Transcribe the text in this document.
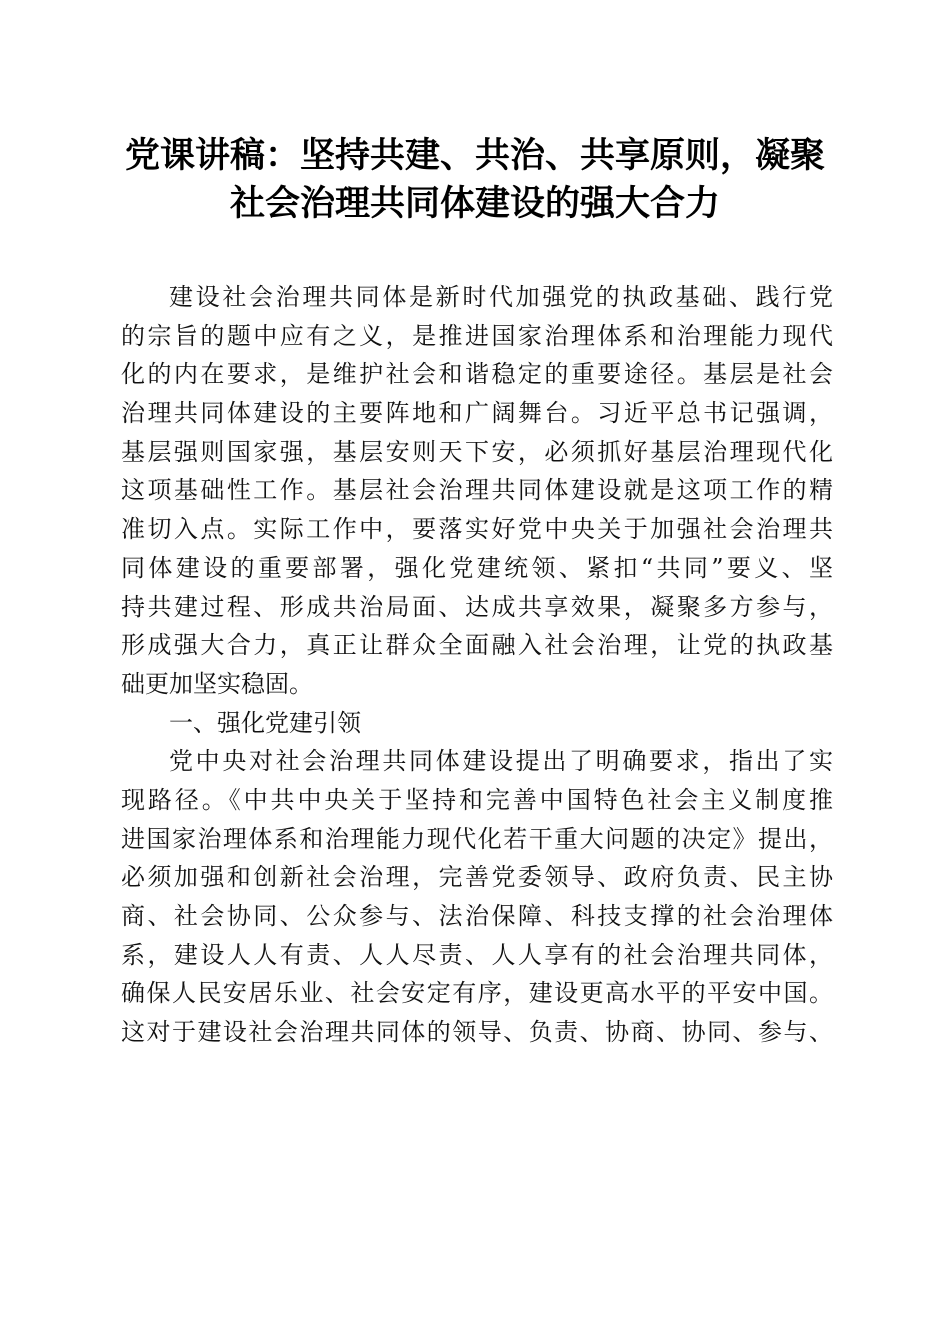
党课讲稿：坚持共建、共治、共享原则，凝聚
社会治理共同体建设的强大合力
建设社会治理共同体是新时代加强党的执政基础、践行党
的宗旨的题中应有之义，是推进国家治理体系和治理能力现代
化的内在要求，是维护社会和谐稳定的重要途径。基层是社会
治理共同体建设的主要阵地和广阔舞台。习近平总书记强调，
基层强则国家强，基层安则天下安，必须抓好基层治理现代化
这项基础性工作。基层社会治理共同体建设就是这项工作的精
准切入点。实际工作中，要落实好党中央关于加强社会治理共
同体建设的重要部署，强化党建统领、紧扣“共同”要义、坚
持共建过程、形成共治局面、达成共享效果，凝聚多方参与，
形成强大合力，真正让群众全面融入社会治理，让党的执政基
础更加坚实稳固。
一、强化党建引领
党中央对社会治理共同体建设提出了明确要求，指出了实
现路径。《中共中央关于坚持和完善中国特色社会主义制度推
进国家治理体系和治理能力现代化若干重大问题的决定》提出，
必须加强和创新社会治理，完善党委领导、政府负责、民主协
商、社会协同、公众参与、法治保障、科技支撑的社会治理体
系，建设人人有责、人人尽责、人人享有的社会治理共同体，
确保人民安居乐业、社会安定有序，建设更高水平的平安中国。
这对于建设社会治理共同体的领导、负责、协商、协同、参与、
